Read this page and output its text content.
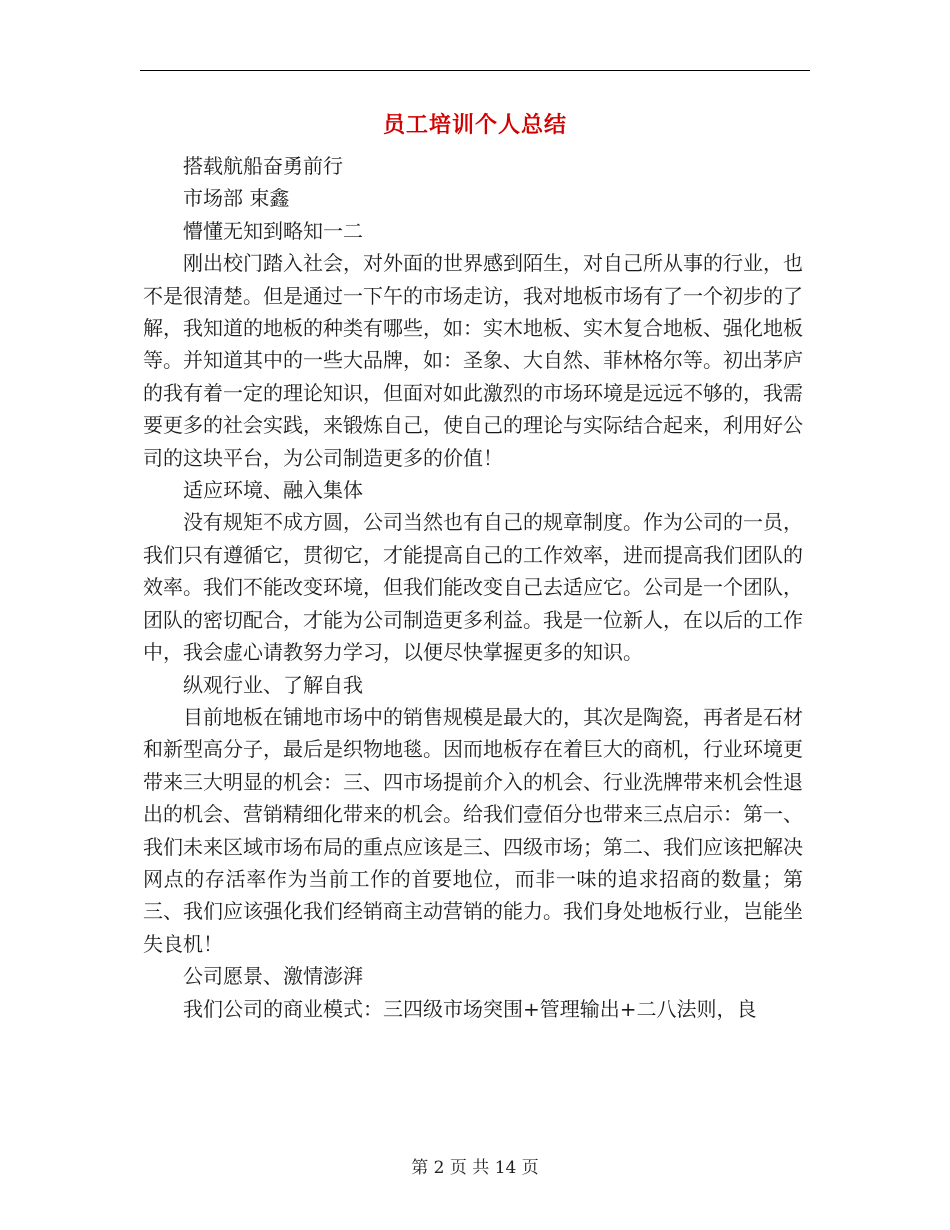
员工培训个人总结

搭载航船奋勇前行

市场部 束鑫

懵懂无知到略知一二

刚出校门踏入社会，对外面的世界感到陌生，对自己所从事的行业，也不是很清楚。但是通过一下午的市场走访，我对地板市场有了一个初步的了解，我知道的地板的种类有哪些，如：实木地板、实木复合地板、强化地板等。并知道其中的一些大品牌，如：圣象、大自然、菲林格尔等。初出茅庐的我有着一定的理论知识，但面对如此激烈的市场环境是远远不够的，我需要更多的社会实践，来锻炼自己，使自己的理论与实际结合起来，利用好公司的这块平台，为公司制造更多的价值！

适应环境、融入集体

没有规矩不成方圆，公司当然也有自己的规章制度。作为公司的一员，我们只有遵循它，贯彻它，才能提高自己的工作效率，进而提高我们团队的效率。我们不能改变环境，但我们能改变自己去适应它。公司是一个团队，团队的密切配合，才能为公司制造更多利益。我是一位新人，在以后的工作中，我会虚心请教努力学习，以便尽快掌握更多的知识。

纵观行业、了解自我

目前地板在铺地市场中的销售规模是最大的，其次是陶瓷，再者是石材和新型高分子，最后是织物地毯。因而地板存在着巨大的商机，行业环境更带来三大明显的机会：三、四市场提前介入的机会、行业洗牌带来机会性退出的机会、营销精细化带来的机会。给我们壹佰分也带来三点启示：第一、我们未来区域市场布局的重点应该是三、四级市场；第二、我们应该把解决网点的存活率作为当前工作的首要地位，而非一味的追求招商的数量；第三、我们应该强化我们经销商主动营销的能力。我们身处地板行业，岂能坐失良机！

公司愿景、激情澎湃

我们公司的商业模式：三四级市场突围+管理输出+二八法则，良

第 2 页 共 14 页
